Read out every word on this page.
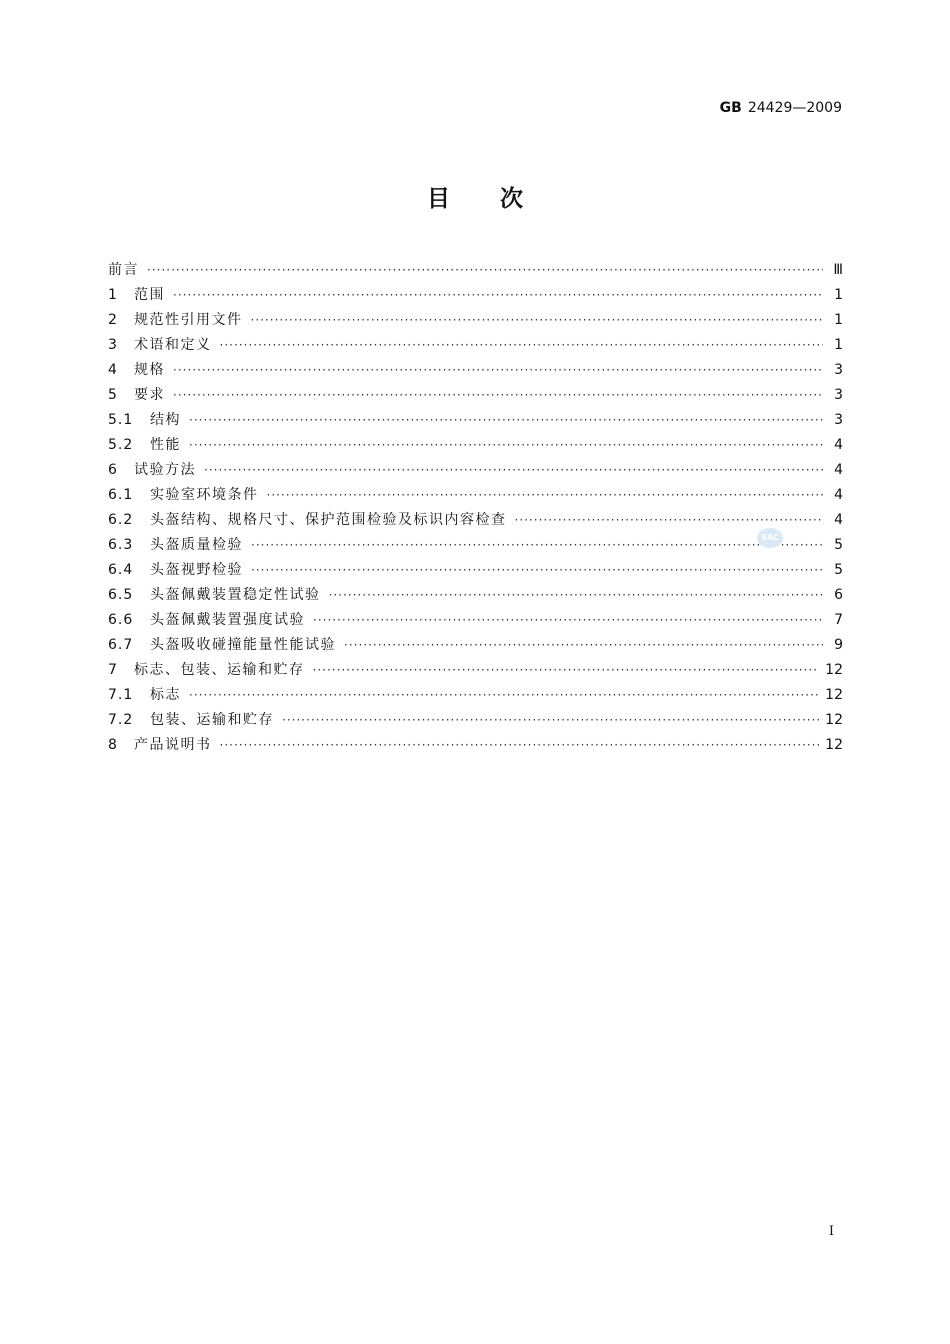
GB 24429—2009
目次
前言 ·····	Ⅲ
1	范围 ·····	1
2	规范性引用文件 ·····	1
3	术语和定义 ·····	1
4	规格 ·····	3
5	要求 ·····	3
5.1	结构 ·····	3
5.2	性能 ·····	4
6	试验方法 ·····	4
6.1	实验室环境条件 ·····	4
6.2	头盔结构、规格尺寸、保护范围检验及标识内容检查 ·····	4
6.3	头盔质量检验 ·····	5
6.4	头盔视野检验 ·····	5
6.5	头盔佩戴装置稳定性试验 ·····	6
6.6	头盔佩戴装置强度试验 ·····	7
6.7	头盔吸收碰撞能量性能试验 ·····	9
7	标志、包装、运输和贮存 ·····	12
7.1	标志 ·····	12
7.2	包装、运输和贮存 ·····	12
8	产品说明书 ·····	12
SAC
I
